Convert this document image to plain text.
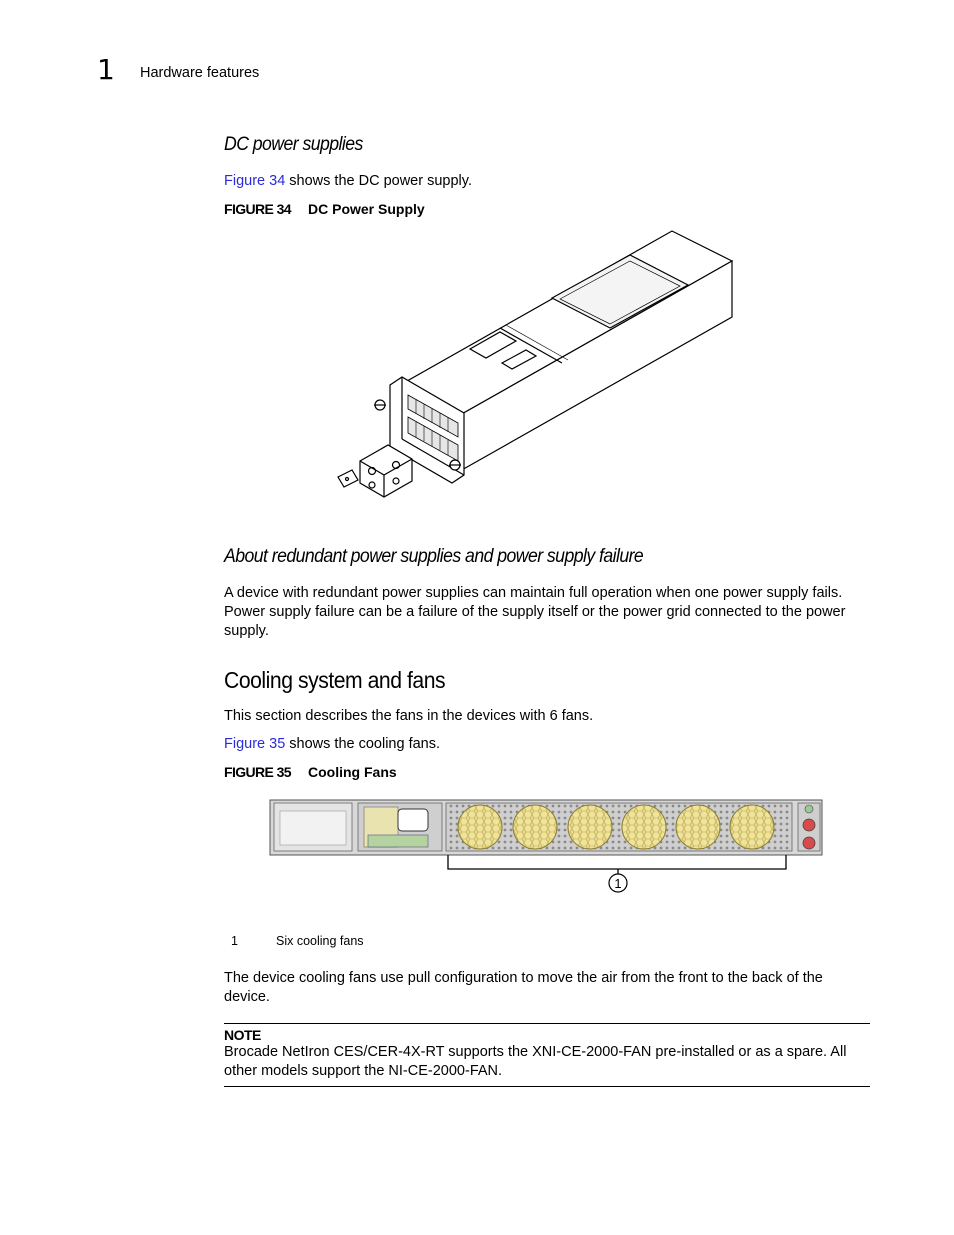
1 Hardware features
DC power supplies
Figure 34 shows the DC power supply.
FIGURE 34 DC Power Supply
About redundant power supplies and power supply failure
A device with redundant power supplies can maintain full operation when one power supply fails. Power supply failure can be a failure of the supply itself or the power grid connected to the power supply.
Cooling system and fans
This section describes the fans in the devices with 6 fans.
Figure 35 shows the cooling fans.
FIGURE 35 Cooling Fans
1
1	Six cooling fans
The device cooling fans use pull configuration to move the air from the front to the back of the device.
NOTE
Brocade NetIron CES/CER-4X-RT supports the XNI-CE-2000-FAN pre-installed or as a spare. All other models support the NI-CE-2000-FAN.
